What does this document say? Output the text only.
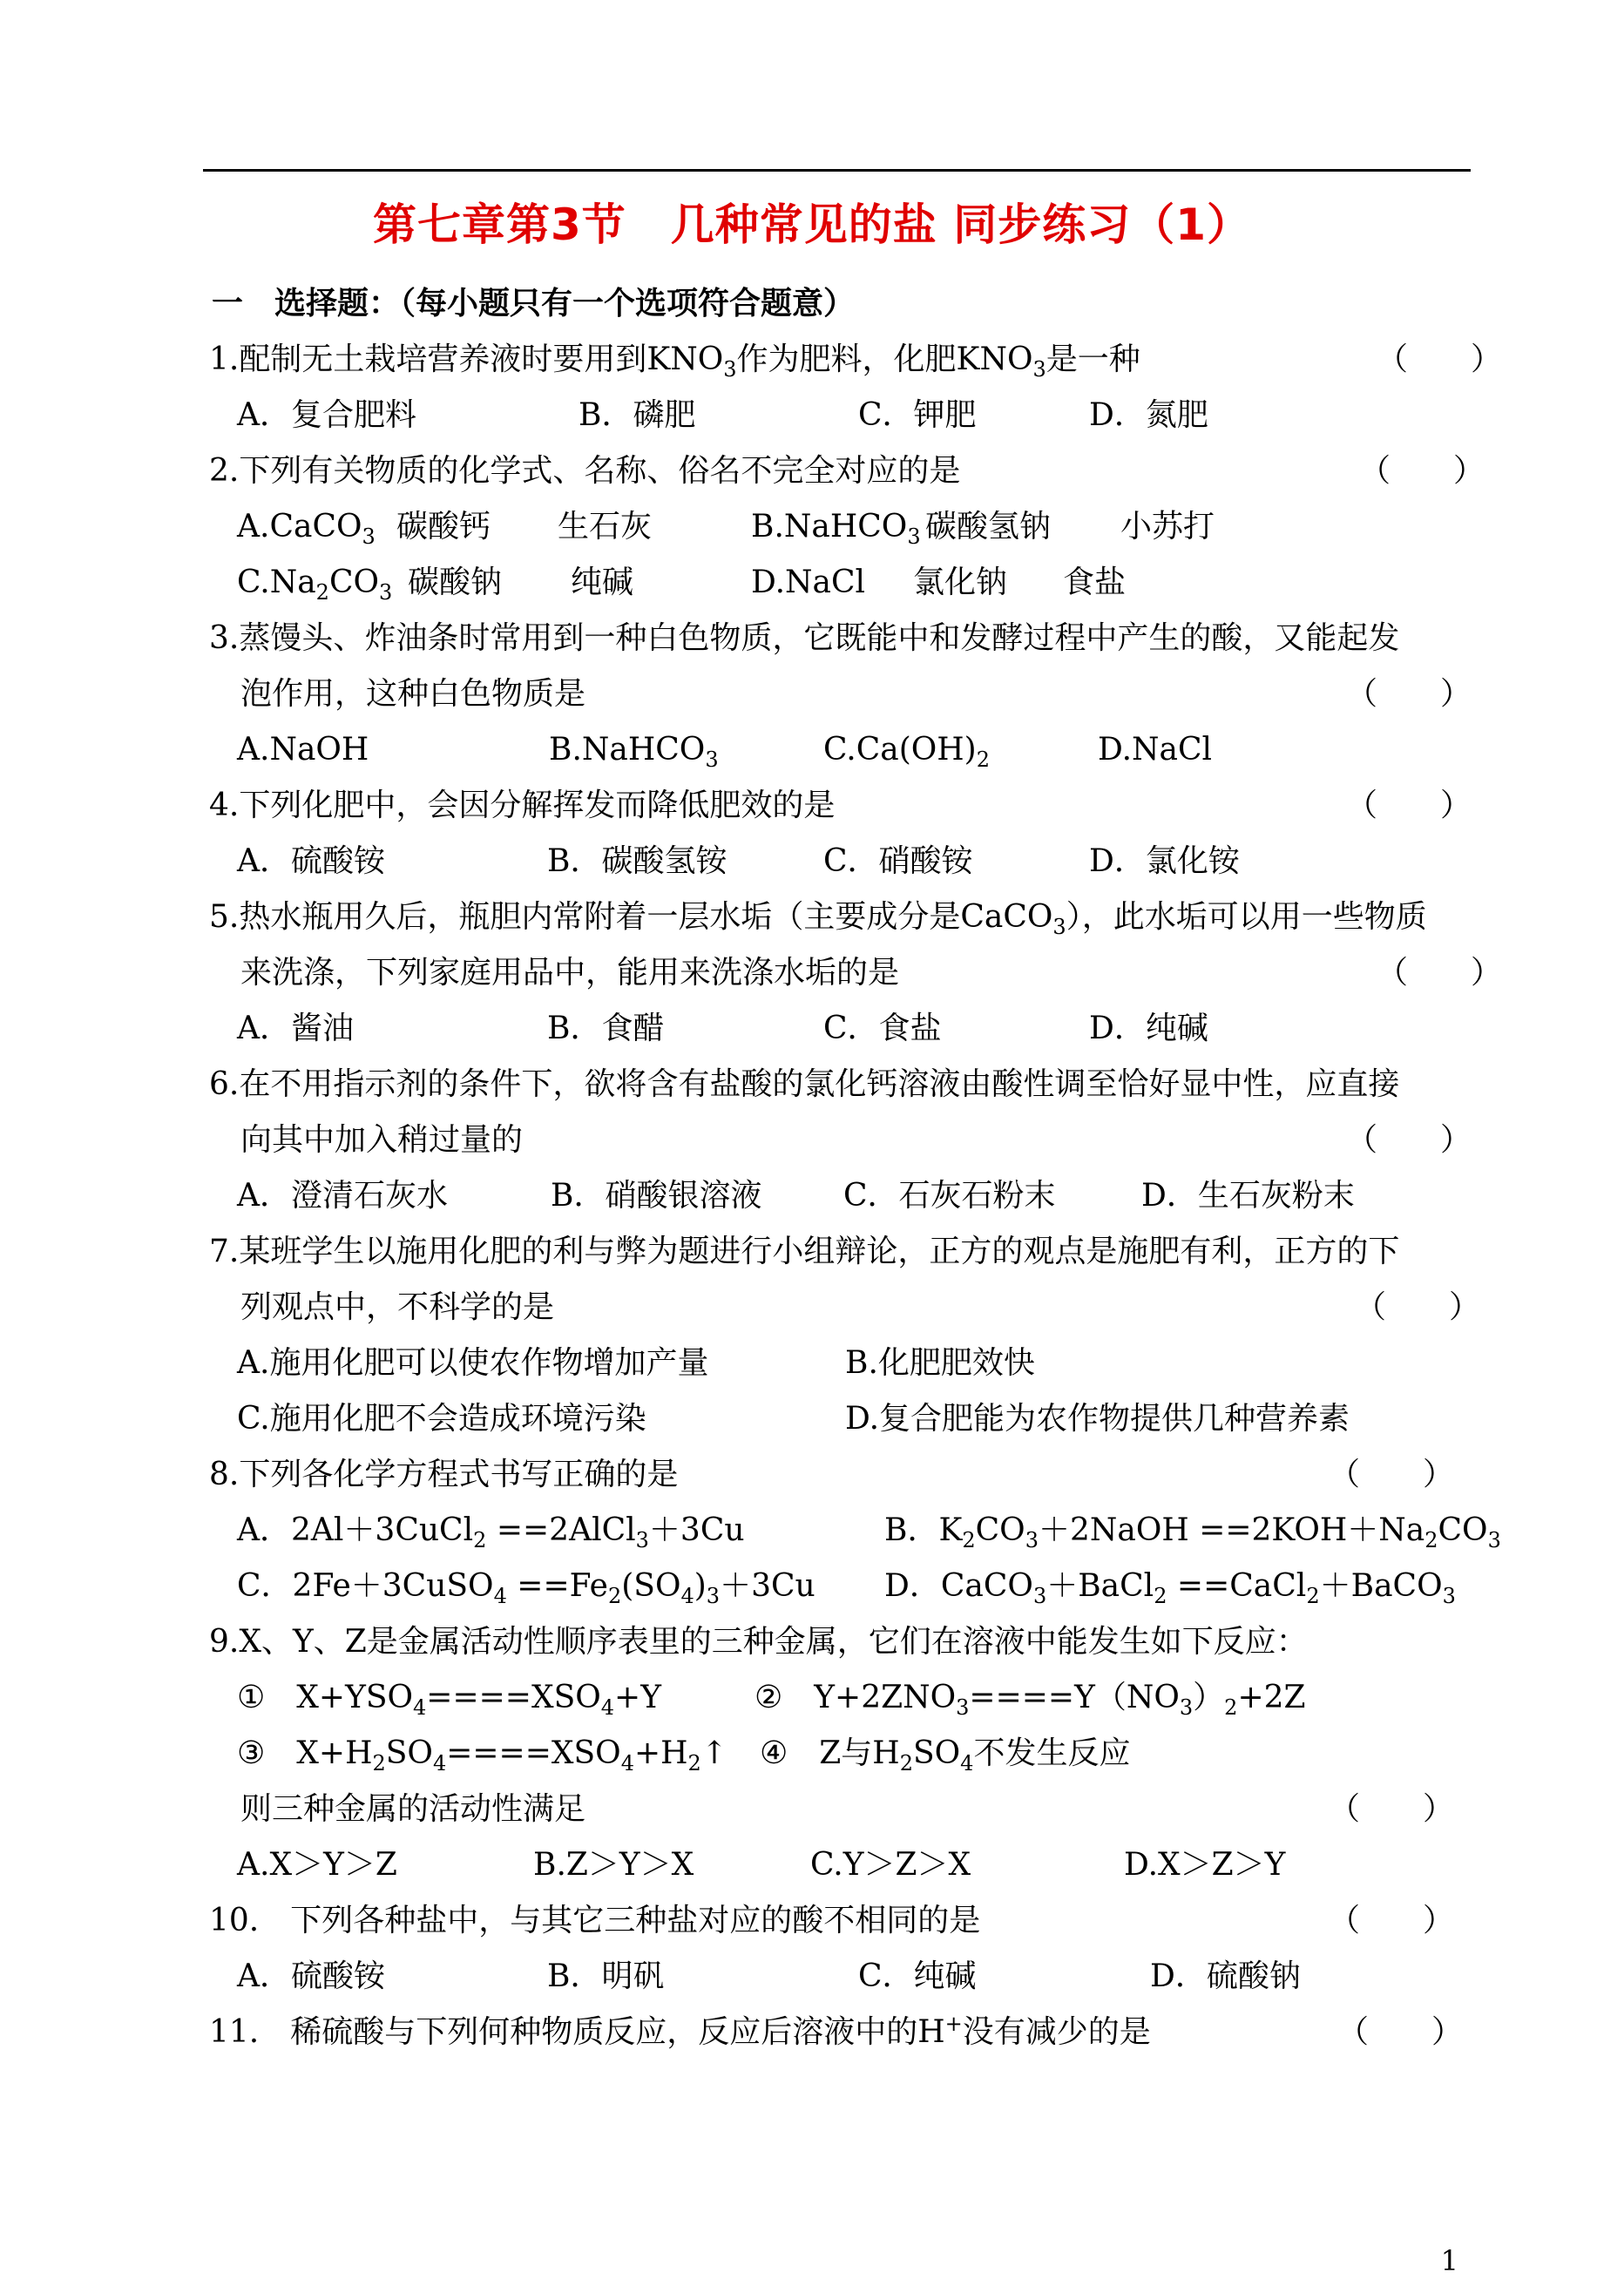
第七章第3节　几种常见的盐 同步练习（1）
一　选择题：（每小题只有一个选项符合题意）
1.配制无土栽培营养液时要用到$KNO_3$作为肥料，化肥$KNO_3$是一种	（　　）
A．复合肥料	B．磷肥	C．钾肥	D．氮肥
2.下列有关物质的化学式、名称、俗名不完全对应的是	（　　）
A.CaCO$_3$ 碳酸钙 生石灰	B.NaHCO$_3$ 碳酸氢钠 小苏打
$C.Na_2CO_3$ 碳酸钠 纯碱	D.NaCl 氯化钠 食盐
3.蒸馒头、炸油条时常用到一种白色物质，它既能中和发酵过程中产生的酸，又能起发
泡作用，这种白色物质是	（　　）
A.NaOH	B.NaHCO$_3$	$C.Ca(OH)_2$	D.NaCl
4.下列化肥中，会因分解挥发而降低肥效的是	（　　）
A．硫酸铵	B．碳酸氢铵	C．硝酸铵	D．氯化铵
5.热水瓶用久后，瓶胆内常附着一层水垢（主要成分是CaCO$_3$），此水垢可以用一些物质
来洗涤，下列家庭用品中，能用来洗涤水垢的是	（　　）
A．酱油	B．食醋	C．食盐	D．纯碱
6.在不用指示剂的条件下，欲将含有盐酸的氯化钙溶液由酸性调至恰好显中性，应直接
向其中加入稍过量的	（　　）
A．澄清石灰水	B．硝酸银溶液	C．石灰石粉末	D．生石灰粉末
7.某班学生以施用化肥的利与弊为题进行小组辩论，正方的观点是施肥有利，正方的下
列观点中，不科学的是	（　　）
A.施用化肥可以使农作物增加产量	B.化肥肥效快
C.施用化肥不会造成环境污染	D.复合肥能为农作物提供几种营养素
8.下列各化学方程式书写正确的是	（　　）
A．2Al＋3CuCl$_2$ ==2AlCl$_3$＋3Cu	B．$K_2CO_3+2NaOH ==2KOH+Na_2CO_3$
C．2Fe＋3CuSO$_4$ $==Fe_2(SO_4)_3+3Cu$ D．CaCO$_3$＋BaCl$_2$ ==CaCl$_2$＋BaCO$_3$
9.X、Y、Z是金属活动性顺序表里的三种金属，它们在溶液中能发生如下反应：
①　$X+YSO_4====XSO_4+Y$	②　$Y+2ZNO_3====Y(NO_3)_2+2Z$
③　$X+H_2SO_4====XSO_4+H_2↑$ ④　Z与$H_2SO_4$不发生反应
则三种金属的活动性满足	（　　）
A.X＞Y＞Z	B.Z＞Y＞X	C.Y＞Z＞X	D.X＞Z＞Y
10.　下列各种盐中，与其它三种盐对应的酸不相同的是	（　　）
A．硫酸铵	B．明矾	C．纯碱	D．硫酸钠
11.　稀硫酸与下列何种物质反应，反应后溶液中的H+没有减少的是	（　　）
1
